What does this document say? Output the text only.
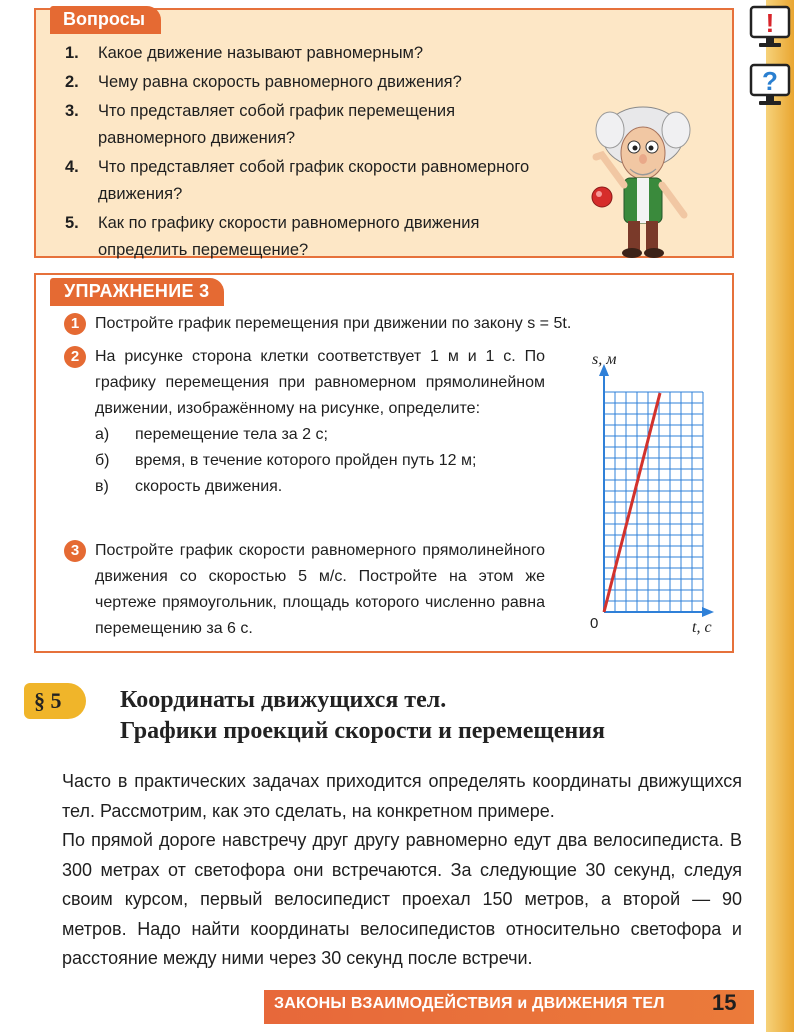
!
?
Вопросы
1. Какое движение называют равномерным?
2. Чему равна скорость равномерного движения?
3. Что представляет собой график перемещения равномерного движения?
4. Что представляет собой график скорости равномерного движения?
5. Как по графику скорости равномерного движения определить перемещение?
УПРАЖНЕНИЕ 3
1 Постройте график перемещения при движении по закону s = 5t.
2 На рисунке сторона клетки соответствует 1 м и 1 с. По графику перемещения при равномерном прямолинейном движении, изображённому на рисунке, определите:
а) перемещение тела за 2 с;
б) время, в течение которого пройден путь 12 м;
в) скорость движения.
3 Постройте график скорости равномерного прямолинейного движения со скоростью 5 м/с. Постройте на этом же чертеже прямоугольник, площадь которого численно равна перемещению за 6 с.
s, м
t, с
0
§ 5	Координаты движущихся тел.
Графики проекций скорости и перемещения
Часто в практических задачах приходится определять координаты движущихся тел. Рассмотрим, как это сделать, на конкретном примере.
По прямой дороге навстречу друг другу равномерно едут два велосипедиста. В 300 метрах от светофора они встречаются. За следующие 30 секунд, следуя своим курсом, первый велосипедист проехал 150 метров, а второй — 90 метров. Надо найти координаты велосипедистов относительно светофора и расстояние между ними через 30 секунд после встречи.
ЗАКОНЫ ВЗАИМОДЕЙСТВИЯ и ДВИЖЕНИЯ ТЕЛ 15
